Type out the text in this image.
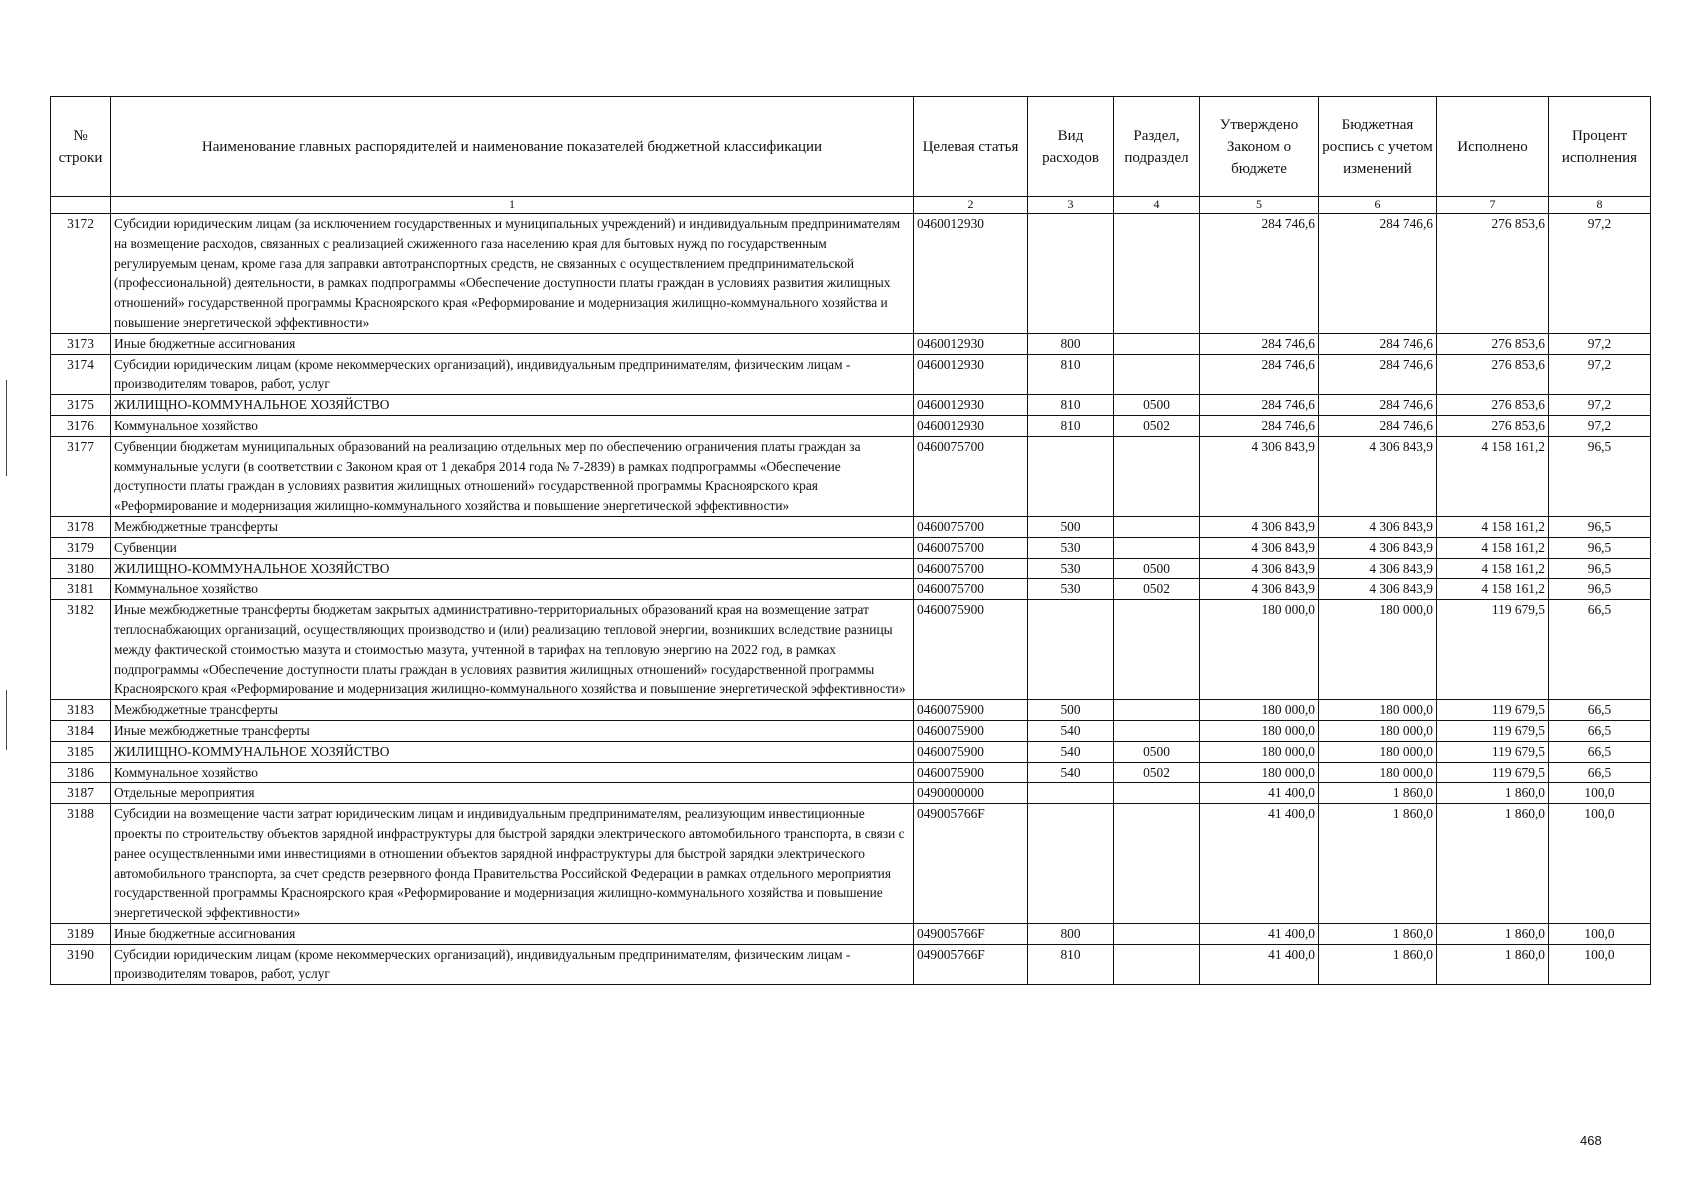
№ строки	Наименование главных распорядителей и наименование показателей бюджетной классификации	Целевая статья	Вид расходов	Раздел, подраздел	Утверждено Законом о бюджете	Бюджетная роспись с учетом изменений	Исполнено	Процент исполнения
	1	2	3	4	5	6	7	8
3172	Субсидии юридическим лицам (за исключением государственных и муниципальных учреждений) и индивидуальным предпринимателям на возмещение расходов, связанных с реализацией сжиженного газа населению края для бытовых нужд по государственным регулируемым ценам, кроме газа для заправки автотранспортных средств, не связанных с осуществлением предпринимательской (профессиональной) деятельности, в рамках подпрограммы «Обеспечение доступности платы граждан в условиях развития жилищных отношений» государственной программы Красноярского края «Реформирование и модернизация жилищно-коммунального хозяйства и повышение энергетической эффективности»	0460012930			284 746,6	284 746,6	276 853,6	97,2
3173	Иные бюджетные ассигнования	0460012930	800		284 746,6	284 746,6	276 853,6	97,2
3174	Субсидии юридическим лицам (кроме некоммерческих организаций), индивидуальным предпринимателям, физическим лицам - производителям товаров, работ, услуг	0460012930	810		284 746,6	284 746,6	276 853,6	97,2
3175	ЖИЛИЩНО-КОММУНАЛЬНОЕ ХОЗЯЙСТВО	0460012930	810	0500	284 746,6	284 746,6	276 853,6	97,2
3176	Коммунальное хозяйство	0460012930	810	0502	284 746,6	284 746,6	276 853,6	97,2
3177	Субвенции бюджетам муниципальных образований на реализацию отдельных мер по обеспечению ограничения платы граждан за коммунальные услуги (в соответствии с Законом края от 1 декабря 2014 года № 7-2839) в рамках подпрограммы «Обеспечение доступности платы граждан в условиях развития жилищных отношений» государственной программы Красноярского края «Реформирование и модернизация жилищно-коммунального хозяйства и повышение энергетической эффективности»	0460075700			4 306 843,9	4 306 843,9	4 158 161,2	96,5
3178	Межбюджетные трансферты	0460075700	500		4 306 843,9	4 306 843,9	4 158 161,2	96,5
3179	Субвенции	0460075700	530		4 306 843,9	4 306 843,9	4 158 161,2	96,5
3180	ЖИЛИЩНО-КОММУНАЛЬНОЕ ХОЗЯЙСТВО	0460075700	530	0500	4 306 843,9	4 306 843,9	4 158 161,2	96,5
3181	Коммунальное хозяйство	0460075700	530	0502	4 306 843,9	4 306 843,9	4 158 161,2	96,5
3182	Иные межбюджетные трансферты бюджетам закрытых административно-территориальных образований края на возмещение затрат теплоснабжающих организаций, осуществляющих производство и (или) реализацию тепловой энергии, возникших вследствие разницы между фактической стоимостью мазута и стоимостью мазута, учтенной в тарифах на тепловую энергию на 2022 год, в рамках подпрограммы «Обеспечение доступности платы граждан в условиях развития жилищных отношений» государственной программы Красноярского края «Реформирование и модернизация жилищно-коммунального хозяйства и повышение энергетической эффективности»	0460075900			180 000,0	180 000,0	119 679,5	66,5
3183	Межбюджетные трансферты	0460075900	500		180 000,0	180 000,0	119 679,5	66,5
3184	Иные межбюджетные трансферты	0460075900	540		180 000,0	180 000,0	119 679,5	66,5
3185	ЖИЛИЩНО-КОММУНАЛЬНОЕ ХОЗЯЙСТВО	0460075900	540	0500	180 000,0	180 000,0	119 679,5	66,5
3186	Коммунальное хозяйство	0460075900	540	0502	180 000,0	180 000,0	119 679,5	66,5
3187	Отдельные мероприятия	0490000000			41 400,0	1 860,0	1 860,0	100,0
3188	Субсидии на возмещение части затрат юридическим лицам и индивидуальным предпринимателям, реализующим инвестиционные проекты по строительству объектов зарядной инфраструктуры для быстрой зарядки электрического автомобильного транспорта, в связи с ранее осуществленными ими инвестициями в отношении объектов зарядной инфраструктуры для быстрой зарядки электрического автомобильного транспорта, за счет средств резервного фонда Правительства Российской Федерации в рамках отдельного мероприятия государственной программы Красноярского края «Реформирование и модернизация жилищно-коммунального хозяйства и повышение энергетической эффективности»	049005766F			41 400,0	1 860,0	1 860,0	100,0
3189	Иные бюджетные ассигнования	049005766F	800		41 400,0	1 860,0	1 860,0	100,0
3190	Субсидии юридическим лицам (кроме некоммерческих организаций), индивидуальным предпринимателям, физическим лицам - производителям товаров, работ, услуг	049005766F	810		41 400,0	1 860,0	1 860,0	100,0
468
